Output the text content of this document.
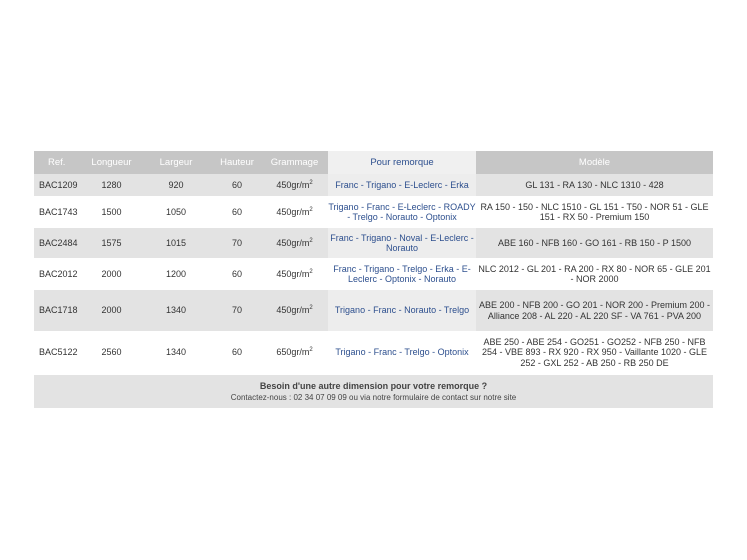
Ref.	Longueur	Largeur	Hauteur	Grammage	Pour remorque	Modèle
BAC1209	1280	920	60	$450gr/m^2$	Franc - Trigano - E-Leclerc - Erka	GL 131 - RA 130 - NLC 1310 - 428
BAC1743	1500	1050	60	$450gr/m^2$	Trigano - Franc - E-Leclerc - ROADY - Trelgo - Norauto - Optonix	RA 150 - 150 - NLC 1510 - GL 151 - T50 - NOR 51 - GLE 151 - RX 50 - Premium 150
BAC2484	1575	1015	70	$450gr/m^2$	Franc - Trigano - Noval - E-Leclerc - Norauto	ABE 160 - NFB 160 - GO 161 - RB 150 - P 1500
BAC2012	2000	1200	60	$450gr/m^2$	Franc - Trigano - Trelgo - Erka - E-Leclerc - Optonix - Norauto	NLC 2012 - GL 201 - RA 200 - RX 80 - NOR 65 - GLE 201 - NOR 2000
BAC1718	2000	1340	70	$450gr/m^2$	Trigano - Franc - Norauto - Trelgo	ABE 200 - NFB 200 - GO 201 - NOR 200 - Premium 200 - Alliance 208 - AL 220 - AL 220 SF - VA 761 - PVA 200
BAC5122	2560	1340	60	$650gr/m^2$	Trigano - Franc - Trelgo - Optonix	ABE 250 - ABE 254 - GO251 - GO252 - NFB 250 - NFB 254 - VBE 893 - RX 920 - RX 950 - Vaillante 1020 - GLE 252 - GXL 252 - AB 250 - RB 250 DE
Besoin d'une autre dimension pour votre remorque ?
Contactez-nous : 02 34 07 09 09 ou via notre formulaire de contact sur notre site
